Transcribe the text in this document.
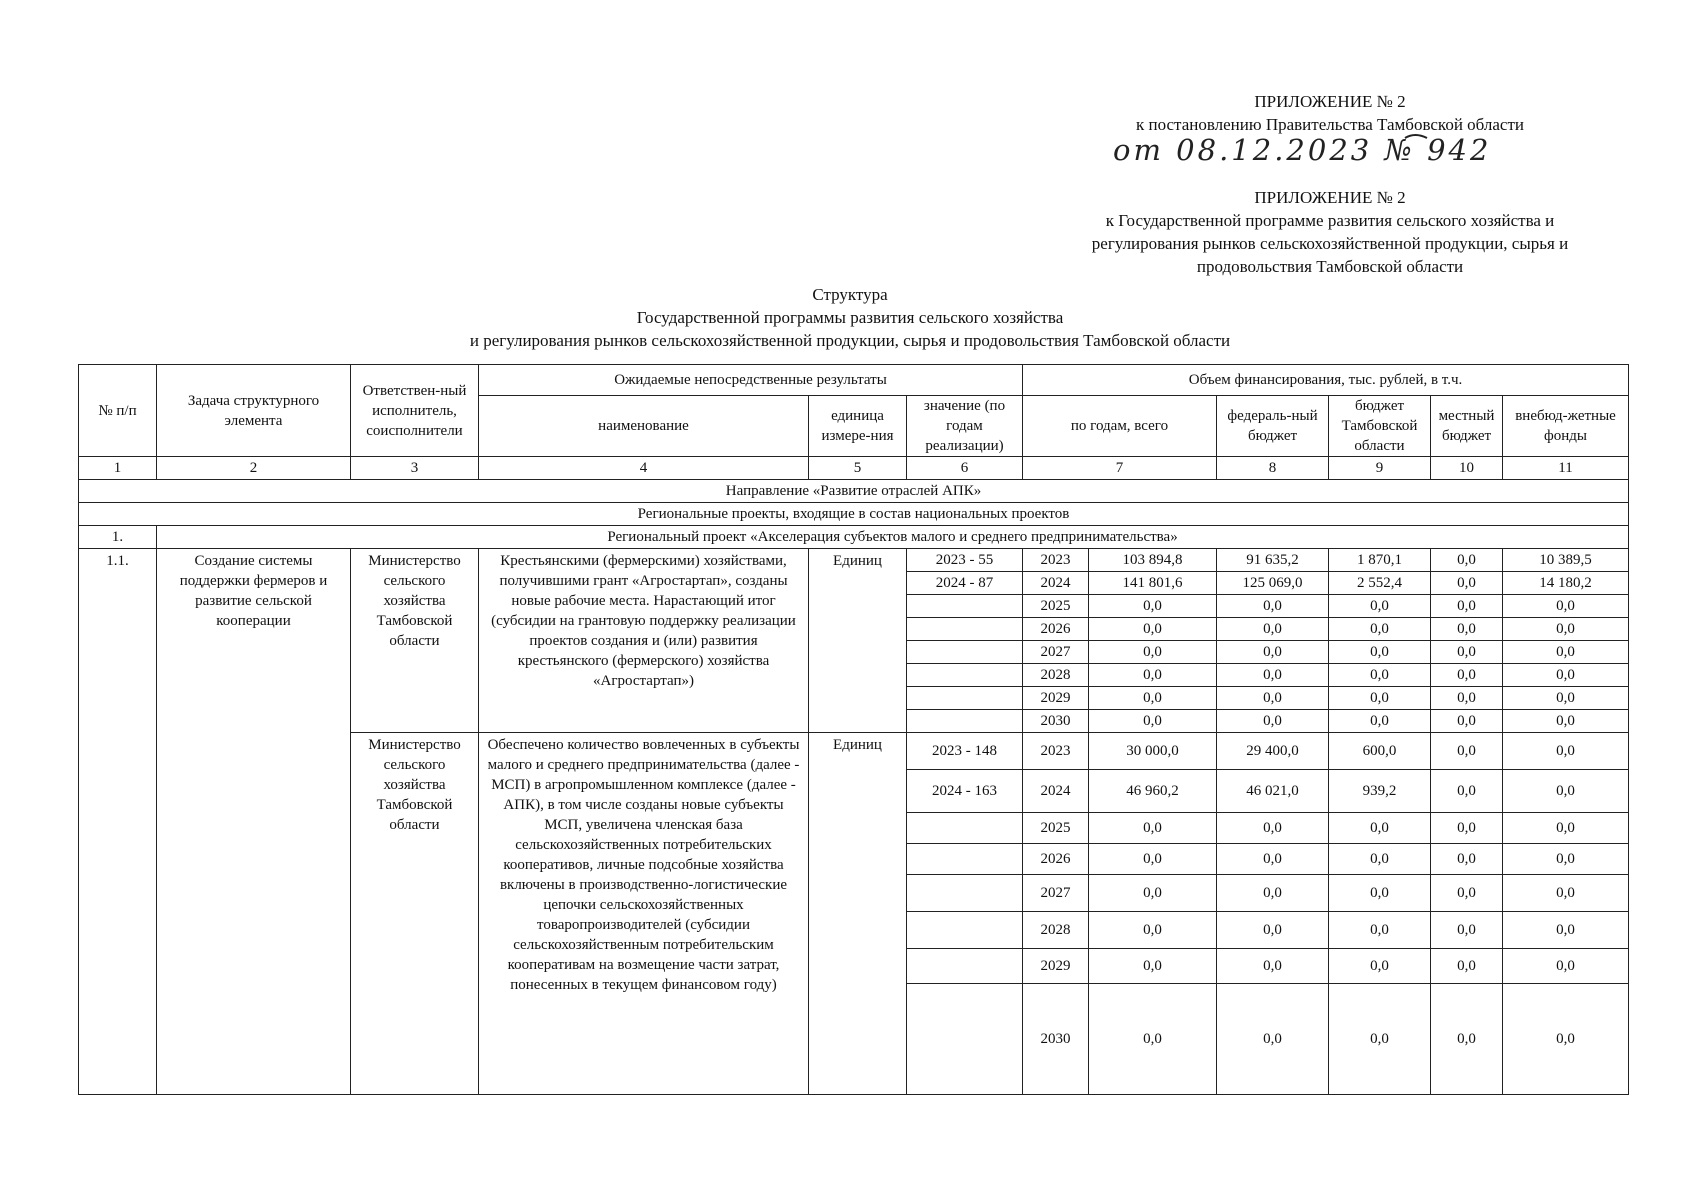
ПРИЛОЖЕНИЕ № 2
к постановлению Правительства Тамбовской области
от 08.12.2023 № 942
ПРИЛОЖЕНИЕ № 2
к Государственной программе развития сельского хозяйства и
регулирования рынков сельскохозяйственной продукции, сырья и
продовольствия Тамбовской области
Структура
Государственной программы развития сельского хозяйства
и регулирования рынков сельскохозяйственной продукции, сырья и продовольствия Тамбовской области
№ п/п	Задача структурного элемента	Ответствен-ный исполнитель, соисполнители	Ожидаемые непосредственные результаты			Объем финансирования, тыс. рублей, в т.ч.					
			наименование	единица измере-ния	значение (по годам реализации)	по годам, всего		федераль-ный бюджет	бюджет Тамбовской области	местный бюджет	внебюд-жетные фонды
1	2	3	4	5	6	7		8	9	10	11
Направление «Развитие отраслей АПК»											
Региональные проекты, входящие в состав национальных проектов											
1.	Региональный проект «Акселерация субъектов малого и среднего предпринимательства»										
1.1.	Создание системы поддержки фермеров и развитие сельской кооперации	Министерство сельского хозяйства Тамбовской области	Крестьянскими (фермерскими) хозяйствами, получившими грант «Агростартап», созданы новые рабочие места. Нарастающий итог (субсидии на грантовую поддержку реализации проектов создания и (или) развития крестьянского (фермерского) хозяйства «Агростартап»)	Единиц	2023 - 55	2023	103 894,8	91 635,2	1 870,1	0,0	10 389,5
					2024 - 87	2024	141 801,6	125 069,0	2 552,4	0,0	14 180,2
						2025	0,0	0,0	0,0	0,0	0,0
						2026	0,0	0,0	0,0	0,0	0,0
						2027	0,0	0,0	0,0	0,0	0,0
						2028	0,0	0,0	0,0	0,0	0,0
						2029	0,0	0,0	0,0	0,0	0,0
						2030	0,0	0,0	0,0	0,0	0,0
		Министерство сельского хозяйства Тамбовской области	Обеспечено количество вовлеченных в субъекты малого и среднего предпринимательства (далее - МСП) в агропромышленном комплексе (далее - АПК), в том числе созданы новые субъекты МСП, увеличена членская база сельскохозяйственных потребительских кооперативов, личные подсобные хозяйства включены в производственно-логистические цепочки сельскохозяйственных товаропроизводителей (субсидии сельскохозяйственным потребительским кооперативам на возмещение части затрат, понесенных в текущем финансовом году)	Единиц	2023 - 148	2023	30 000,0	29 400,0	600,0	0,0	0,0
					2024 - 163	2024	46 960,2	46 021,0	939,2	0,0	0,0
						2025	0,0	0,0	0,0	0,0	0,0
						2026	0,0	0,0	0,0	0,0	0,0
						2027	0,0	0,0	0,0	0,0	0,0
						2028	0,0	0,0	0,0	0,0	0,0
						2029	0,0	0,0	0,0	0,0	0,0
						2030	0,0	0,0	0,0	0,0	0,0
